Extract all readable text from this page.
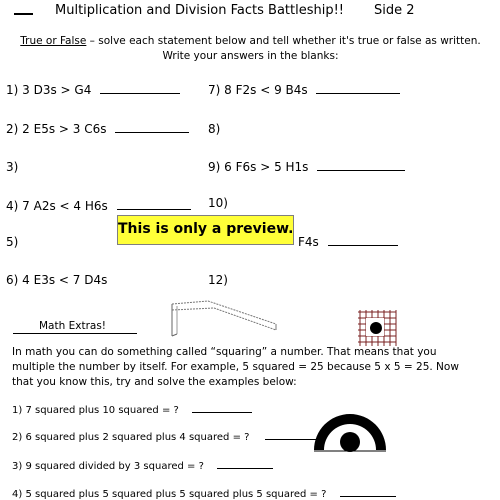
Multiplication and Division Facts Battleship!! Side 2
True or False – solve each statement below and tell whether it's true or false as written. Write your answers in the blanks:
1) 3 D3s > G4
2) 2 E5s > 3 C6s
3)
4) 7 A2s < 4 H6s
5)
6) 4 E3s < 7 D4s
7) 8 F2s < 9 B4s
8)
9) 6 F6s > 5 H1s
10)
F4s
12)
This is only a preview.
Math Extras!
In math you can do something called “squaring” a number. That means that you multiple the number by itself. For example, 5 squared = 25 because 5 x 5 = 25. Now that you know this, try and solve the examples below:
1) 7 squared plus 10 squared = ?
2) 6 squared plus 2 squared plus 4 squared = ?
3) 9 squared divided by 3 squared = ?
4) 5 squared plus 5 squared plus 5 squared plus 5 squared = ?
